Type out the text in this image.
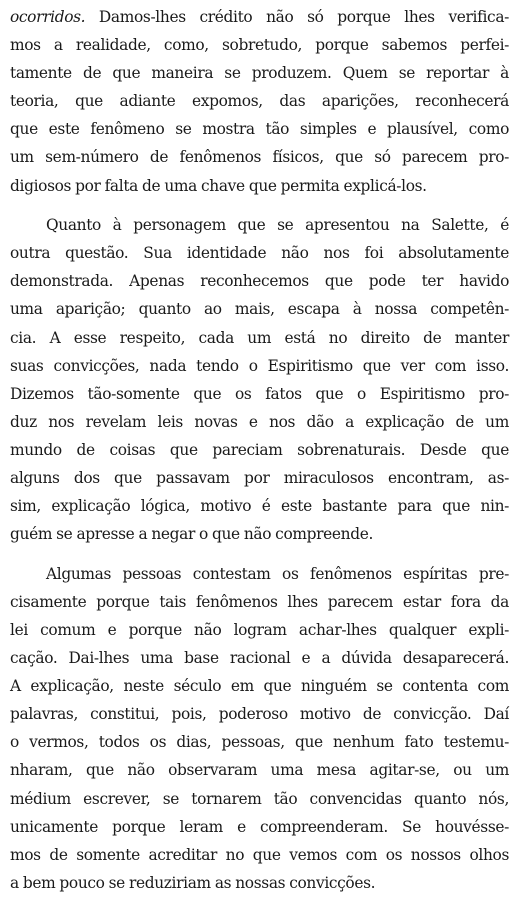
ocorridos. Damos-lhes crédito não só porque lhes verifica-
mos a realidade, como, sobretudo, porque sabemos perfei-
tamente de que maneira se produzem. Quem se reportar à
teoria, que adiante expomos, das aparições, reconhecerá
que este fenômeno se mostra tão simples e plausível, como
um sem-número de fenômenos físicos, que só parecem pro-
digiosos por falta de uma chave que permita explicá-los.
Quanto à personagem que se apresentou na Salette, é
outra questão. Sua identidade não nos foi absolutamente
demonstrada. Apenas reconhecemos que pode ter havido
uma aparição; quanto ao mais, escapa à nossa competên-
cia. A esse respeito, cada um está no direito de manter
suas convicções, nada tendo o Espiritismo que ver com isso.
Dizemos tão-somente que os fatos que o Espiritismo pro-
duz nos revelam leis novas e nos dão a explicação de um
mundo de coisas que pareciam sobrenaturais. Desde que
alguns dos que passavam por miraculosos encontram, as-
sim, explicação lógica, motivo é este bastante para que nin-
guém se apresse a negar o que não compreende.
Algumas pessoas contestam os fenômenos espíritas pre-
cisamente porque tais fenômenos lhes parecem estar fora da
lei comum e porque não logram achar-lhes qualquer expli-
cação. Dai-lhes uma base racional e a dúvida desaparecerá.
A explicação, neste século em que ninguém se contenta com
palavras, constitui, pois, poderoso motivo de convicção. Daí
o vermos, todos os dias, pessoas, que nenhum fato testemu-
nharam, que não observaram uma mesa agitar-se, ou um
médium escrever, se tornarem tão convencidas quanto nós,
unicamente porque leram e compreenderam. Se houvésse-
mos de somente acreditar no que vemos com os nossos olhos
a bem pouco se reduziriam as nossas convicções.
